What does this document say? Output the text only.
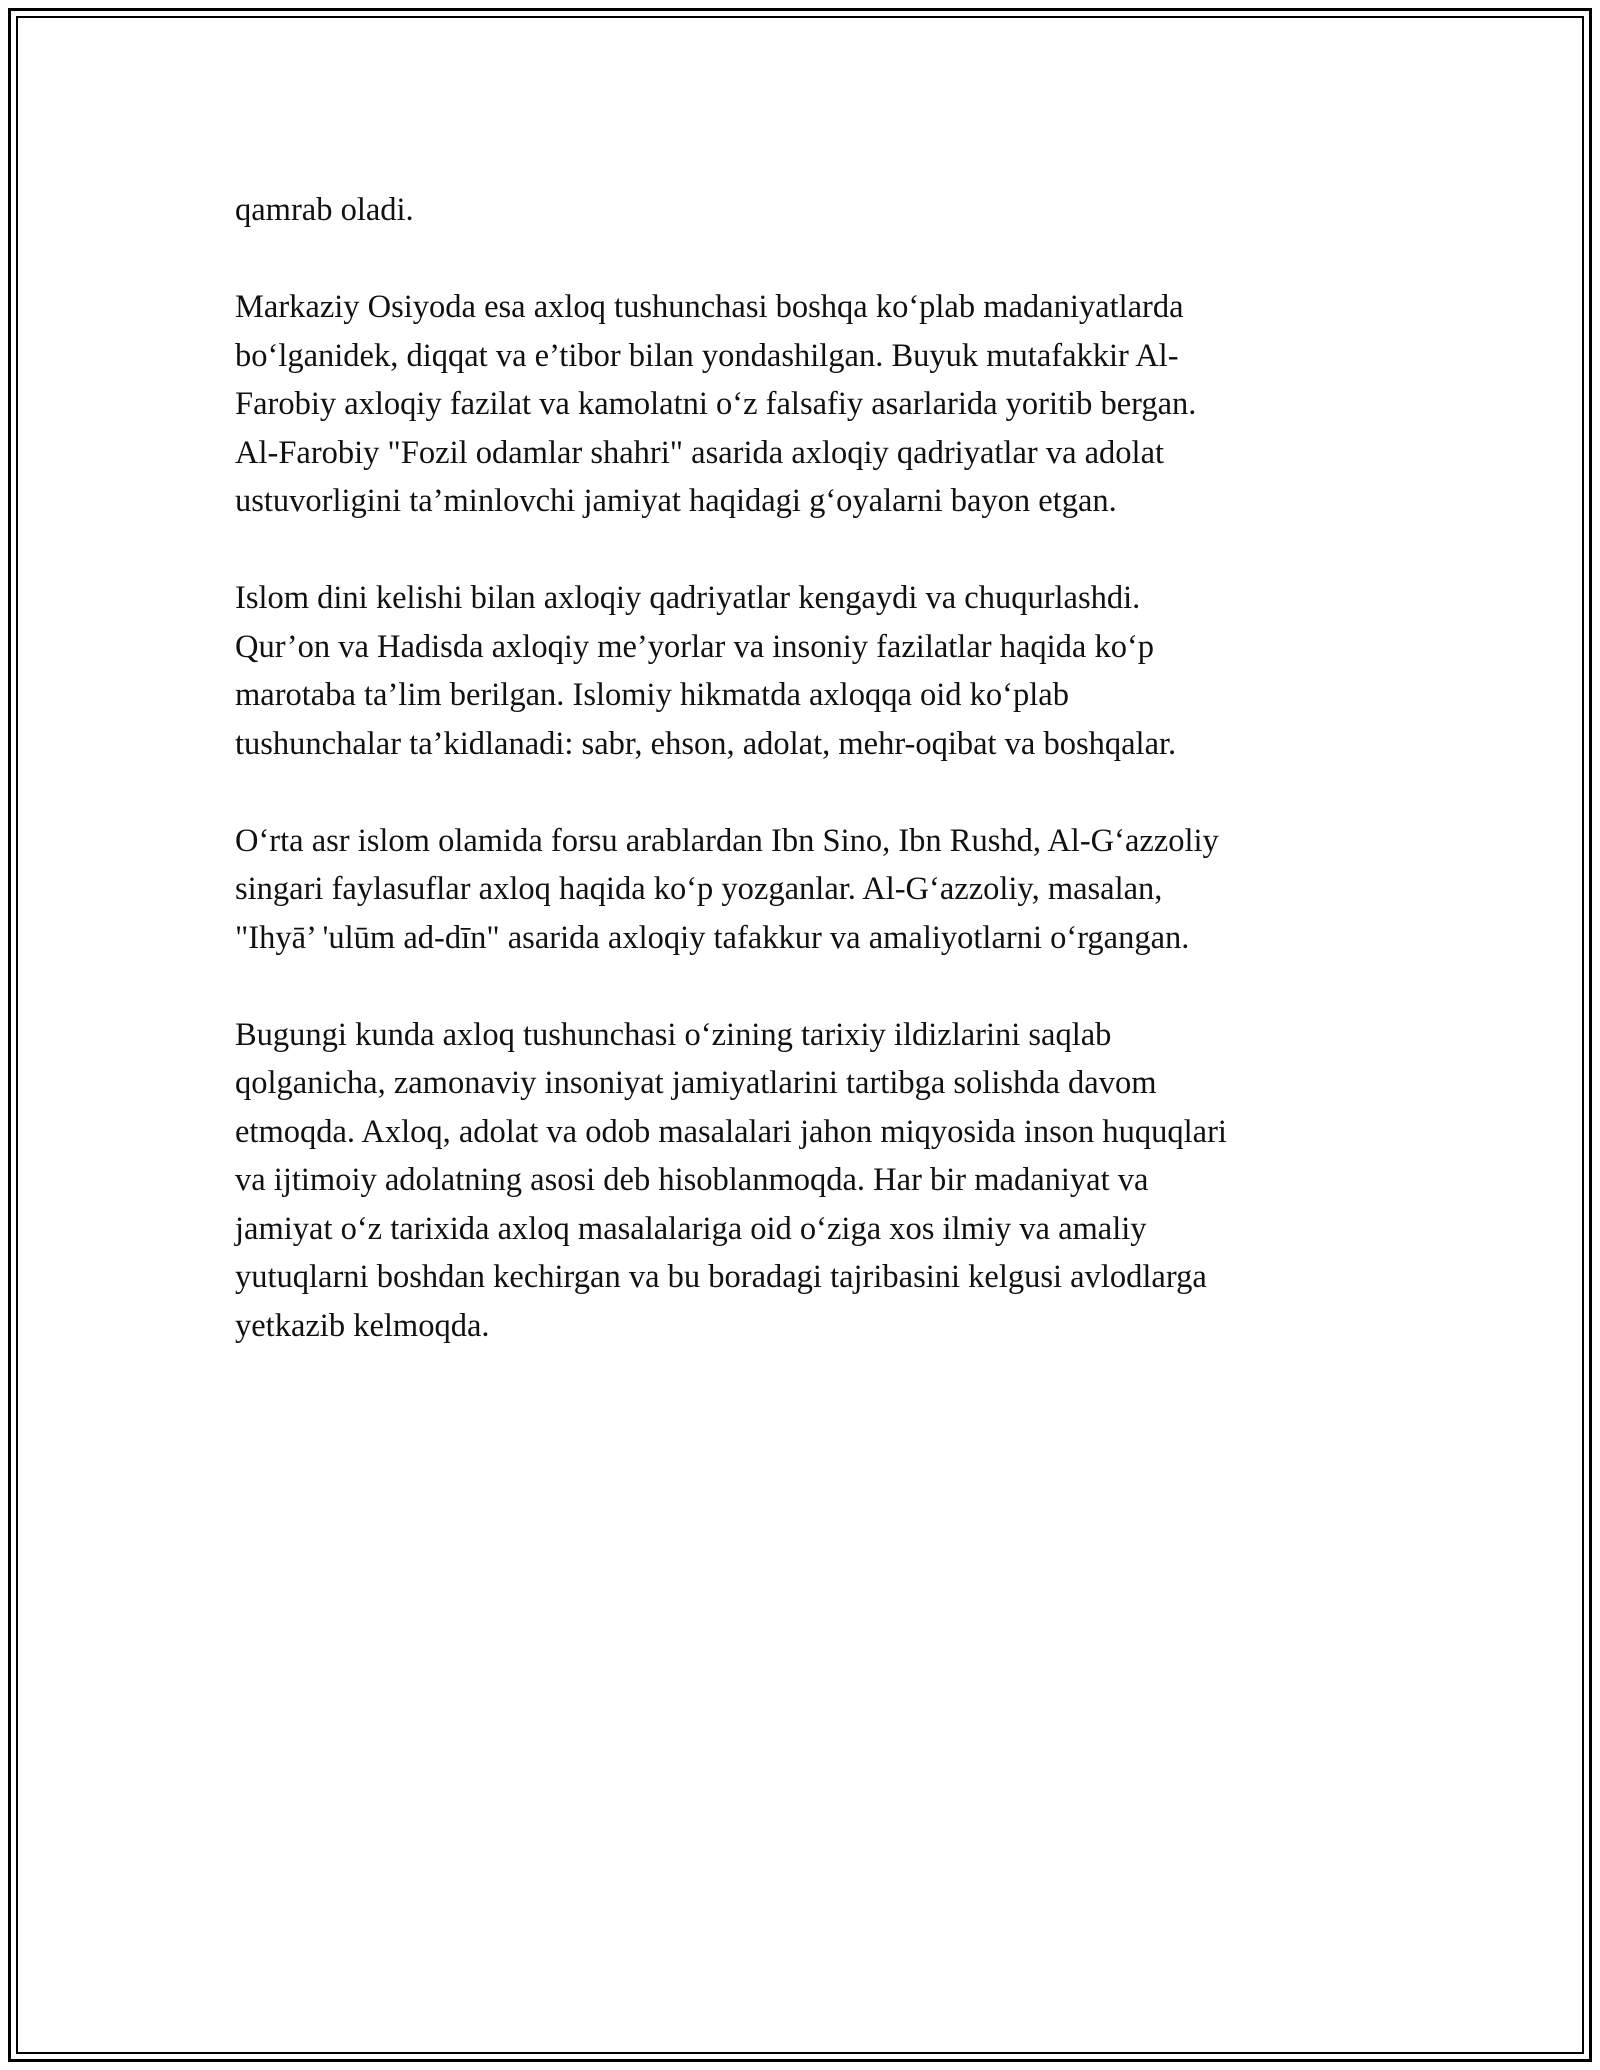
qamrab oladi.

Markaziy Osiyoda esa axloq tushunchasi boshqa ko‘plab madaniyatlarda
bo‘lganidek, diqqat va e’tibor bilan yondashilgan. Buyuk mutafakkir Al-
Farobiy axloqiy fazilat va kamolatni o‘z falsafiy asarlarida yoritib bergan.
Al-Farobiy "Fozil odamlar shahri" asarida axloqiy qadriyatlar va adolat
ustuvorligini ta’minlovchi jamiyat haqidagi g‘oyalarni bayon etgan.

Islom dini kelishi bilan axloqiy qadriyatlar kengaydi va chuqurlashdi.
Qur’on va Hadisda axloqiy me’yorlar va insoniy fazilatlar haqida ko‘p
marotaba ta’lim berilgan. Islomiy hikmatda axloqqa oid ko‘plab
tushunchalar ta’kidlanadi: sabr, ehson, adolat, mehr-oqibat va boshqalar.

O‘rta asr islom olamida forsu arablardan Ibn Sino, Ibn Rushd, Al-G‘azzoliy
singari faylasuflar axloq haqida ko‘p yozganlar. Al-G‘azzoliy, masalan,
"Ihyā’ 'ulūm ad-dīn" asarida axloqiy tafakkur va amaliyotlarni o‘rgangan.

Bugungi kunda axloq tushunchasi o‘zining tarixiy ildizlarini saqlab
qolganicha, zamonaviy insoniyat jamiyatlarini tartibga solishda davom
etmoqda. Axloq, adolat va odob masalalari jahon miqyosida inson huquqlari
va ijtimoiy adolatning asosi deb hisoblanmoqda. Har bir madaniyat va
jamiyat o‘z tarixida axloq masalalariga oid o‘ziga xos ilmiy va amaliy
yutuqlarni boshdan kechirgan va bu boradagi tajribasini kelgusi avlodlarga
yetkazib kelmoqda.
